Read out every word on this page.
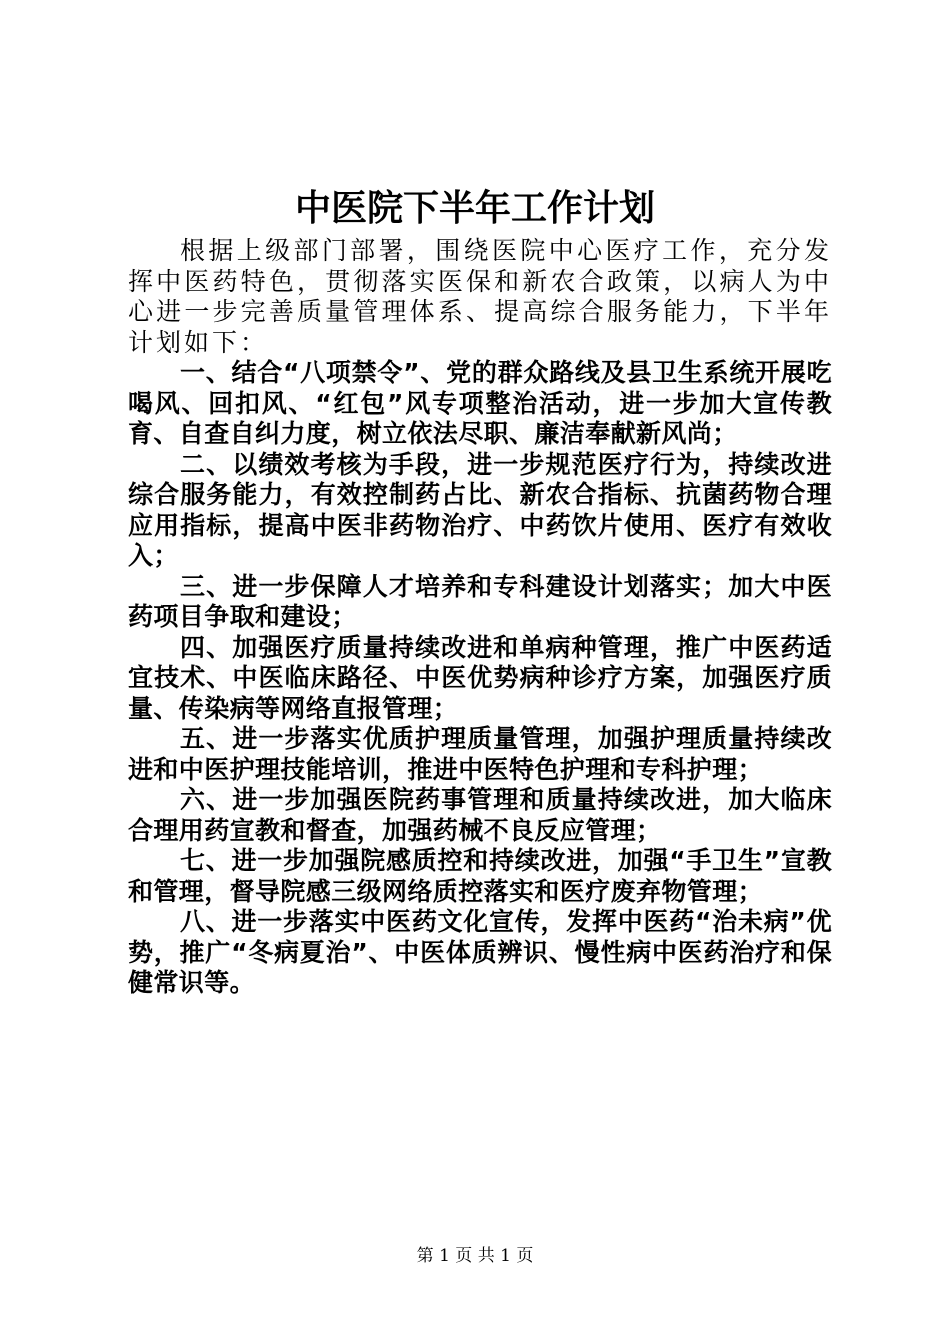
中医院下半年工作计划

根据上级部门部署，围绕医院中心医疗工作，充分发挥中医药特色，贯彻落实医保和新农合政策，以病人为中心进一步完善质量管理体系、提高综合服务能力，下半年计划如下：

一、结合“八项禁令”、党的群众路线及县卫生系统开展吃喝风、回扣风、“红包”风专项整治活动，进一步加大宣传教育、自查自纠力度，树立依法尽职、廉洁奉献新风尚；

二、以绩效考核为手段，进一步规范医疗行为，持续改进综合服务能力，有效控制药占比、新农合指标、抗菌药物合理应用指标，提高中医非药物治疗、中药饮片使用、医疗有效收入；

三、进一步保障人才培养和专科建设计划落实；加大中医药项目争取和建设；

四、加强医疗质量持续改进和单病种管理，推广中医药适宜技术、中医临床路径、中医优势病种诊疗方案，加强医疗质量、传染病等网络直报管理；

五、进一步落实优质护理质量管理，加强护理质量持续改进和中医护理技能培训，推进中医特色护理和专科护理；

六、进一步加强医院药事管理和质量持续改进，加大临床合理用药宣教和督查，加强药械不良反应管理；

七、进一步加强院感质控和持续改进，加强“手卫生”宣教和管理，督导院感三级网络质控落实和医疗废弃物管理；

八、进一步落实中医药文化宣传，发挥中医药“治未病”优势，推广“冬病夏治”、中医体质辨识、慢性病中医药治疗和保健常识等。

第 1 页 共 1 页
